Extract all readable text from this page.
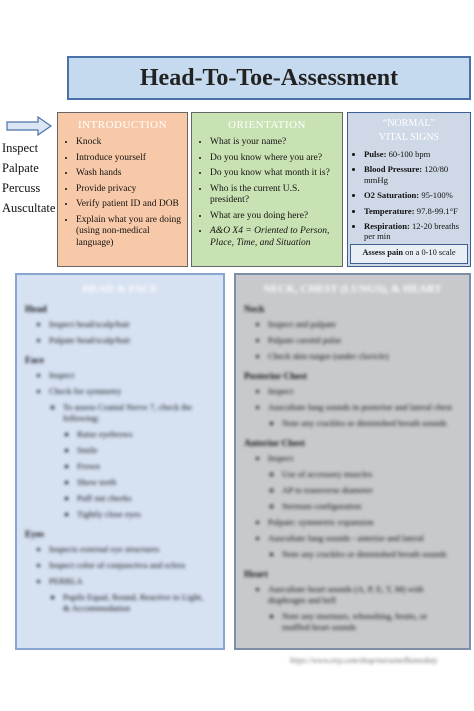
Head-To-Toe-Assessment
Inspect
Palpate
Percuss
Auscultate
INTRODUCTION
• Knock
• Introduce yourself
• Wash hands
• Provide privacy
• Verify patient ID and DOB
• Explain what you are doing (using non-medical language)
ORIENTATION
• What is your name?
• Do you know where you are?
• Do you know what month it is?
• Who is the current U.S. president?
• What are you doing here?
• A&O X4 = Oriented to Person, Place, Time, and Situation
“NORMAL”
VITAL SIGNS
• Pulse: 60-100 bpm
• Blood Pressure: 120/80 mmHg
• O2 Saturation: 95-100%
• Temperature: 97.8-99.1°F
• Respiration: 12-20 breaths per min
Assess pain on a 0-10 scale
HEAD & FACE
Head
• Inspect head/scalp/hair
• Palpate head/scalp/hair
Face
• Inspect
• Check for symmetry
◦ To assess Cranial Nerve 7, check the following:
▪ Raise eyebrows
▪ Smile
▪ Frown
▪ Show teeth
▪ Puff out cheeks
▪ Tightly close eyes
Eyes
• Inspects external eye structures
• Inspect color of conjunctiva and sclera
• PERRLA
▪ Pupils Equal, Round, Reactive to Light, & Accommodation
NECK, CHEST (LUNGS), & HEART
Neck
• Inspect and palpate
• Palpate carotid pulse
• Check skin turgor (under clavicle)
Posterior Chest
• Inspect
• Auscultate lung sounds in posterior and lateral chest
▪ Note any crackles or diminished breath sounds
Anterior Chest
• Inspect
◦ Use of accessory muscles
◦ AP to transverse diameter
◦ Sternum configuration
• Palpate: symmetric expansion
• Auscultate lung sounds - anterior and lateral
▪ Note any crackles or diminished breath sounds
Heart
• Auscultate heart sounds (A, P, E, T, M) with diaphragm and bell
▪ Note any murmurs, whooshing, bruits, or muffled heart sounds
https://www.etsy.com/shop/nursemelhomeduty
